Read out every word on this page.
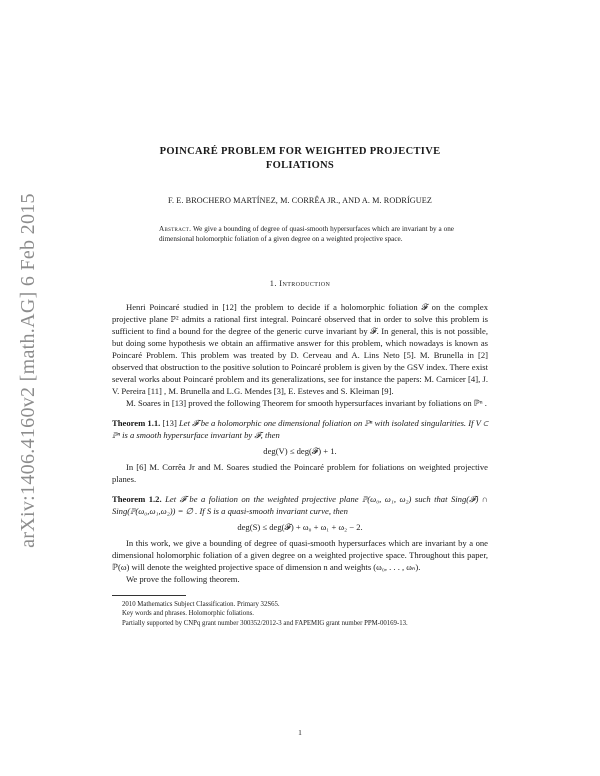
arXiv:1406.4160v2 [math.AG] 6 Feb 2015
POINCARÉ PROBLEM FOR WEIGHTED PROJECTIVE
FOLIATIONS
F. E. BROCHERO MARTÍNEZ, M. CORRÊA JR., AND A. M. RODRÍGUEZ
Abstract. We give a bounding of degree of quasi-smooth hypersurfaces which are invariant by a one dimensional holomorphic foliation of a given degree on a weighted projective space.
1. Introduction

Henri Poincaré studied in [12] the problem to decide if a holomorphic foliation 𝓕 on the complex projective plane ℙ² admits a rational first integral. Poincaré observed that in order to solve this problem is sufficient to find a bound for the degree of the generic curve invariant by 𝓕. In general, this is not possible, but doing some hypothesis we obtain an affirmative answer for this problem, which nowadays is known as Poincaré Problem. This problem was treated by D. Cerveau and A. Lins Neto [5]. M. Brunella in [2] observed that obstruction to the positive solution to Poincaré problem is given by the GSV index. There exist several works about Poincaré problem and its generalizations, see for instance the papers: M. Carnicer [4], J. V. Pereira [11] , M. Brunella and L.G. Mendes [3], E. Esteves and S. Kleiman [9].

M. Soares in [13] proved the following Theorem for smooth hypersurfaces invariant by foliations on ℙⁿ .

Theorem 1.1. [13] Let 𝓕 be a holomorphic one dimensional foliation on ℙⁿ with isolated singularities. If V ⊂ ℙⁿ is a smooth hypersurface invariant by 𝓕, then

deg(V) ≤ deg(𝓕) + 1.

In [6] M. Corrêa Jr and M. Soares studied the Poincaré problem for foliations on weighted projective planes.

Theorem 1.2. Let 𝓕 be a foliation on the weighted projective plane ℙ(ω₀, ω₁, ω₂) such that Sing(𝓕) ∩ Sing(ℙ(ω₀,ω₁,ω₂)) = ∅ . If S is a quasi-smooth invariant curve, then

deg(S) ≤ deg(𝓕) + ω₀ + ω₁ + ω₂ − 2.

In this work, we give a bounding of degree of quasi-smooth hypersurfaces which are invariant by a one dimensional holomorphic foliation of a given degree on a weighted projective space. Throughout this paper, ℙ(ω) will denote the weighted projective space of dimension n and weights (ω₀, . . . , ωₙ).

We prove the following theorem.

2010 Mathematics Subject Classification. Primary 32S65.
Key words and phrases. Holomorphic foliations.
Partially supported by CNPq grant number 300352/2012-3 and FAPEMIG grant number PPM-00169-13.
1
